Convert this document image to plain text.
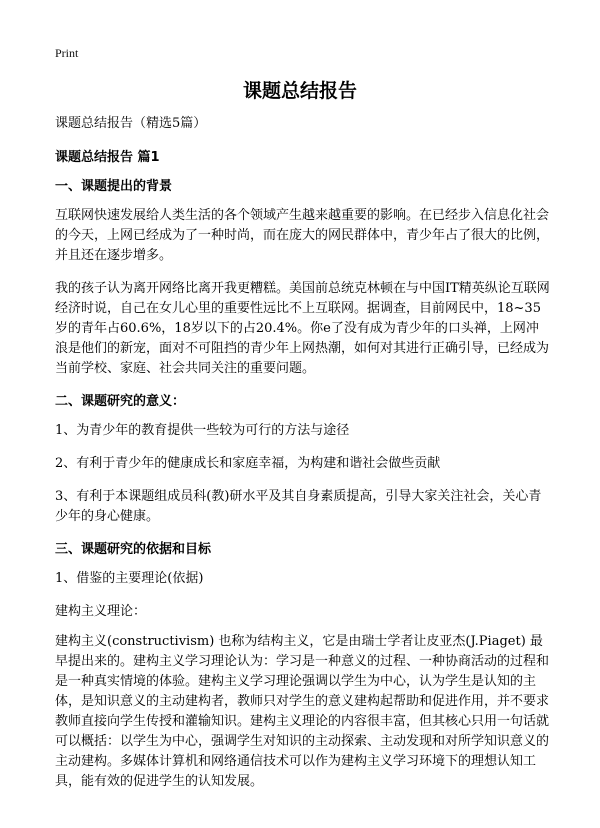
Print
课题总结报告

课题总结报告（精选5篇）

课题总结报告 篇1

一、课题提出的背景

互联网快速发展给人类生活的各个领域产生越来越重要的影响。在已经步入信息化社会的今天，上网已经成为了一种时尚，而在庞大的网民群体中，青少年占了很大的比例，并且还在逐步增多。

我的孩子认为离开网络比离开我更糟糕。美国前总统克林顿在与中国IT精英纵论互联网经济时说，自己在女儿心里的重要性远比不上互联网。据调查，目前网民中，18~35岁的青年占60.6%，18岁以下的占20.4%。你e了没有成为青少年的口头禅，上网冲浪是他们的新宠，面对不可阻挡的青少年上网热潮，如何对其进行正确引导，已经成为当前学校、家庭、社会共同关注的重要问题。

二、课题研究的意义：

1、为青少年的教育提供一些较为可行的方法与途径

2、有利于青少年的健康成长和家庭幸福，为构建和谐社会做些贡献

3、有利于本课题组成员科(教)研水平及其自身素质提高，引导大家关注社会，关心青少年的身心健康。

三、课题研究的依据和目标

1、借鉴的主要理论(依据)

建构主义理论：

建构主义(constructivism) 也称为结构主义，它是由瑞士学者让皮亚杰(J.Piaget) 最早提出来的。建构主义学习理论认为：学习是一种意义的过程、一种协商活动的过程和是一种真实情境的体验。建构主义学习理论强调以学生为中心，认为学生是认知的主体，是知识意义的主动建构者，教师只对学生的意义建构起帮助和促进作用，并不要求教师直接向学生传授和灌输知识。建构主义理论的内容很丰富，但其核心只用一句话就可以概括：以学生为中心，强调学生对知识的主动探索、主动发现和对所学知识意义的主动建构。多媒体计算机和网络通信技术可以作为建构主义学习环境下的理想认知工具，能有效的促进学生的认知发展。
